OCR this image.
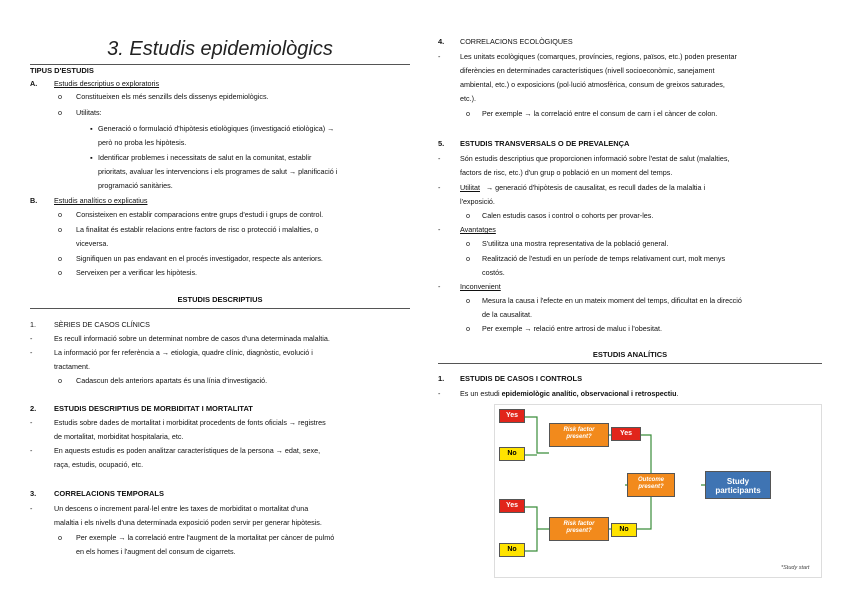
3. Estudis epidemiològics
TIPUS D'ESTUDIS
A. Estudis descriptius o exploratoris
o Constitueixen els més senzills dels dissenys epidemiològics.
o Utilitats:
▪ Generació o formulació d'hipòtesis etiològiques (investigació etiològica) →
però no proba les hipòtesis.
▪ Identificar problemes i necessitats de salut en la comunitat, establir
prioritats, avaluar les intervencions i els programes de salut → planificació i
programació sanitàries.
B. Estudis analítics o explicatius
o Consisteixen en establir comparacions entre grups d'estudi i grups de control.
o La finalitat és establir relacions entre factors de risc o protecció i malalties, o
viceversa.
o Signifiquen un pas endavant en el procés investigador, respecte als anteriors.
o Serveixen per a verificar les hipòtesis.
ESTUDIS DESCRIPTIUS
1.	SÈRIES DE CASOS CLÍNICS
-	Es recull informació sobre un determinat nombre de casos d'una determinada malaltia.
-	La informació por fer referència a → etiologia, quadre clínic, diagnòstic, evolució i
tractament.
o Cadascun dels anteriors apartats és una línia d'investigació.
2. ESTUDIS DESCRIPTIUS DE MORBIDITAT I MORTALITAT
-	Estudis sobre dades de mortalitat i morbiditat procedents de fonts oficials → registres
de mortalitat, morbiditat hospitalaria, etc.
-	En aquests estudis es poden analitzar característiques de la persona → edat, sexe,
raça, estudis, ocupació, etc.
3. CORRELACIONS TEMPORALS
-	Un descens o increment paral·lel entre les taxes de morbiditat o mortalitat d'una
malaltia i els nivells d'una determinada exposició poden servir per generar hipòtesis.
o Per exemple → la correlació entre l'augment de la mortalitat per càncer de pulmó
en els homes i l'augment del consum de cigarrets.
4. CORRELACIONS ECOLÒGIQUES
-	Les unitats ecològiques (comarques, províncies, regions, països, etc.) poden presentar
diferències en determinades característiques (nivell socioeconòmic, sanejament
ambiental, etc.) o exposicions (pol·lució atmosfèrica, consum de greixos saturades,
etc.).
o Per exemple → la correlació entre el consum de carn i el càncer de colon.
5. ESTUDIS TRANSVERSALS O DE PREVALENÇA
-	Són estudis descriptius que proporcionen informació sobre l'estat de salut (malalties,
factors de risc, etc.) d'un grup o població en un moment del temps.
-	Utilitat → generació d'hipòtesis de causalitat, es recull dades de la malaltia i
l'exposició.
o Calen estudis casos i control o cohorts per provar-les.
-	Avantatges
o S'utilitza una mostra representativa de la població general.
o Realització de l'estudi en un període de temps relativament curt, molt menys
costós.
-	Inconvenient
o Mesura la causa i l'efecte en un mateix moment del temps, dificultat en la direcció
de la causalitat.
o Per exemple → relació entre artrosi de maluc i l'obesitat.
ESTUDIS ANALÍTICS
1. ESTUDIS DE CASOS I CONTROLS
-	Es un estudi epidemiològic analític, observacional i retrospectiu.
Yes
No
Risk factor present?	Yes
Outcome present?
Study participants
Yes
No
Risk factor present?	No
*Study start
